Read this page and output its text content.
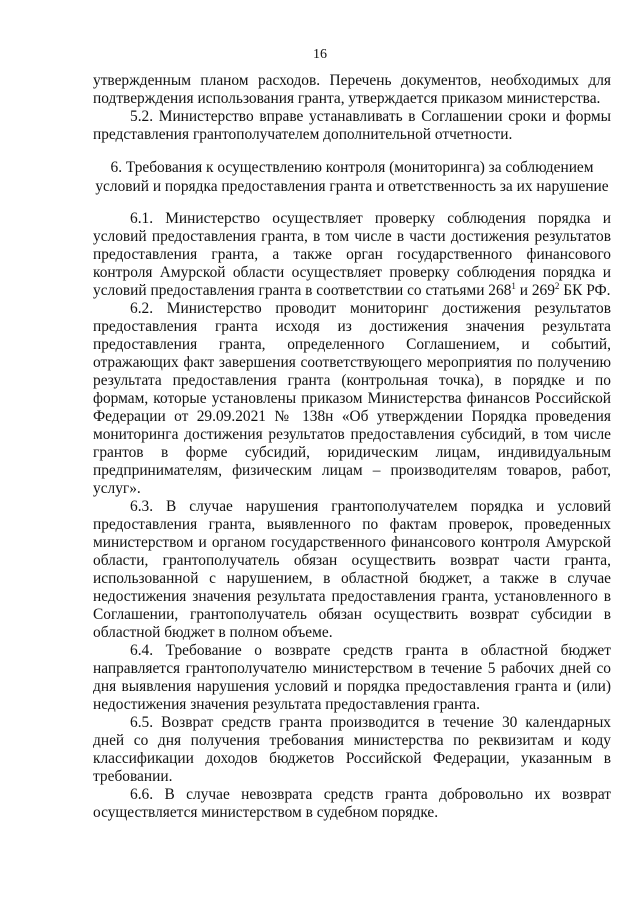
16

утвержденным планом расходов. Перечень документов, необходимых для подтверждения использования гранта, утверждается приказом министерства.

5.2. Министерство вправе устанавливать в Соглашении сроки и формы представления грантополучателем дополнительной отчетности.

6. Требования к осуществлению контроля (мониторинга) за соблюдением условий и порядка предоставления гранта и ответственность за их нарушение

6.1. Министерство осуществляет проверку соблюдения порядка и условий предоставления гранта, в том числе в части достижения результатов предоставления гранта, а также орган государственного финансового контроля Амурской области осуществляет проверку соблюдения порядка и условий предоставления гранта в соответствии со статьями $268^1$ и $269^2$ БК РФ.

6.2. Министерство проводит мониторинг достижения результатов предоставления гранта исходя из достижения значения результата предоставления гранта, определенного Соглашением, и событий, отражающих факт завершения соответствующего мероприятия по получению результата предоставления гранта (контрольная точка), в порядке и по формам, которые установлены приказом Министерства финансов Российской Федерации от 29.09.2021 № 138н «Об утверждении Порядка проведения мониторинга достижения результатов предоставления субсидий, в том числе грантов в форме субсидий, юридическим лицам, индивидуальным предпринимателям, физическим лицам – производителям товаров, работ, услуг».

6.3. В случае нарушения грантополучателем порядка и условий предоставления гранта, выявленного по фактам проверок, проведенных министерством и органом государственного финансового контроля Амурской области, грантополучатель обязан осуществить возврат части гранта, использованной с нарушением, в областной бюджет, а также в случае недостижения значения результата предоставления гранта, установленного в Соглашении, грантополучатель обязан осуществить возврат субсидии в областной бюджет в полном объеме.

6.4. Требование о возврате средств гранта в областной бюджет направляется грантополучателю министерством в течение 5 рабочих дней со дня выявления нарушения условий и порядка предоставления гранта и (или) недостижения значения результата предоставления гранта.

6.5. Возврат средств гранта производится в течение 30 календарных дней со дня получения требования министерства по реквизитам и коду классификации доходов бюджетов Российской Федерации, указанным в требовании.

6.6. В случае невозврата средств гранта добровольно их возврат осуществляется министерством в судебном порядке.
